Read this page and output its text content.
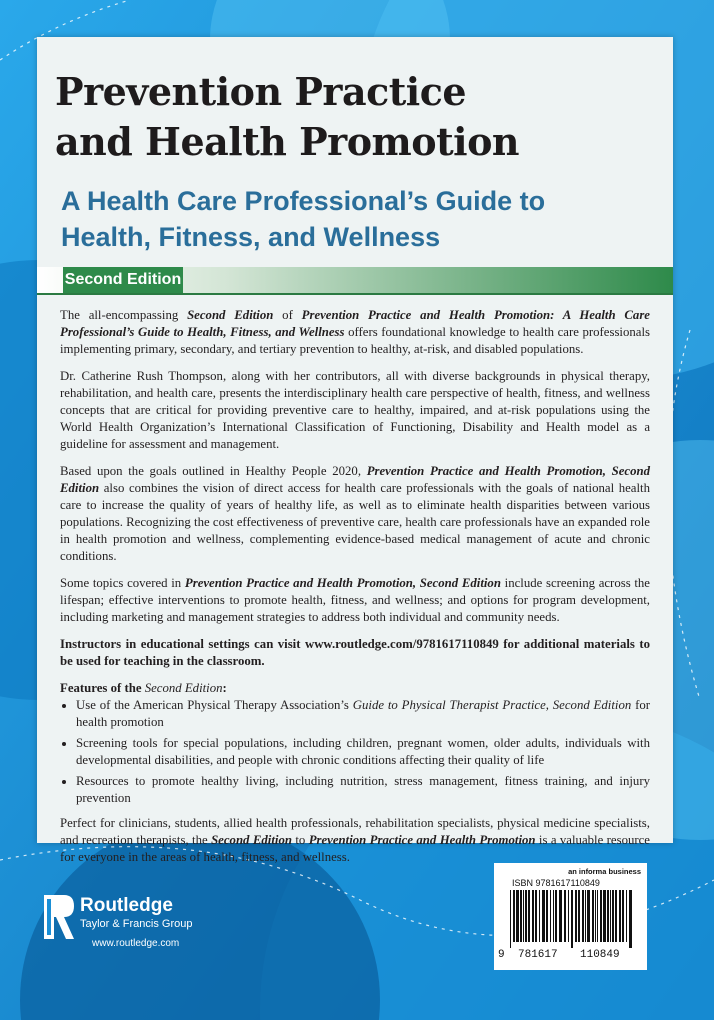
Prevention Practice
and Health Promotion
A Health Care Professional’s Guide to
Health, Fitness, and Wellness
Second Edition

The all-encompassing Second Edition of Prevention Practice and Health Promotion: A Health Care Professional’s Guide to Health, Fitness, and Wellness offers foundational knowledge to health care professionals implementing primary, secondary, and tertiary prevention to healthy, at-risk, and disabled populations.

Dr. Catherine Rush Thompson, along with her contributors, all with diverse backgrounds in physical therapy, rehabilitation, and health care, presents the interdisciplinary health care perspective of health, fitness, and wellness concepts that are critical for providing preventive care to healthy, impaired, and at-risk populations using the World Health Organization’s International Classification of Functioning, Disability and Health model as a guideline for assessment and management.

Based upon the goals outlined in Healthy People 2020, Prevention Practice and Health Promotion, Second Edition also combines the vision of direct access for health care professionals with the goals of national health care to increase the quality of years of healthy life, as well as to eliminate health disparities between various populations. Recognizing the cost effectiveness of preventive care, health care professionals have an expanded role in health promotion and wellness, complementing evidence-based medical management of acute and chronic conditions.

Some topics covered in Prevention Practice and Health Promotion, Second Edition include screening across the lifespan; effective interventions to promote health, fitness, and wellness; and options for program development, including marketing and management strategies to address both individual and community needs.

Instructors in educational settings can visit www.routledge.com/9781617110849 for additional materials to be used for teaching in the classroom.

Features of the Second Edition:
• Use of the American Physical Therapy Association’s Guide to Physical Therapist Practice, Second Edition for health promotion
• Screening tools for special populations, including children, pregnant women, older adults, individuals with developmental disabilities, and people with chronic conditions affecting their quality of life
• Resources to promote healthy living, including nutrition, stress management, fitness training, and injury prevention

Perfect for clinicians, students, allied health professionals, rehabilitation specialists, physical medicine specialists, and recreation therapists, the Second Edition to Prevention Practice and Health Promotion is a valuable resource for everyone in the areas of health, fitness, and wellness.

Routledge
Taylor & Francis Group
www.routledge.com
an informa business
ISBN 9781617110849
9 781617 110849
